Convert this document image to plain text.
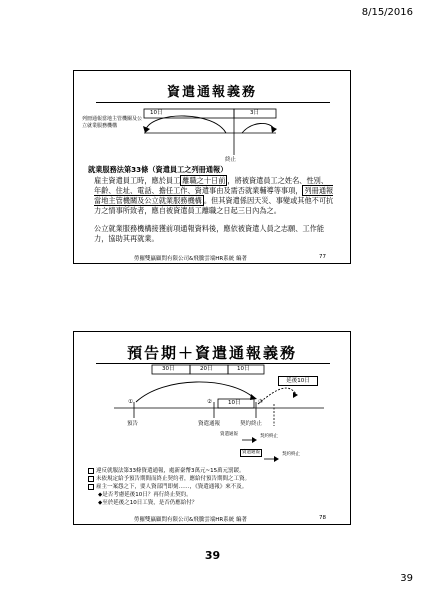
8/15/2016
資遣通報義務
10日	3日
列冊通報當地主管機關及公立就業服務機構
終止
就業服務法第33條（資遣員工之列冊通報）
雇主資遣員工時，應於員工 離職之十日前 ，將被資遣員工之姓名、性別、年齡、住址、電話、擔任工作、資遣事由及需否就業輔導等事項， 列冊通報當地主管機關及公立就業服務機構 。但其資遣係因天災、事變或其他不可抗力之情事所致者，應自被資遣員工離職之日起三日內為之。
公立就業服務機構接獲前項通報資料後，應依被資遣人員之志願、工作能力，協助其再就業。
勞羅雙贏顧問有限公司&飛騰雲端HR系統 編著	77
預告期＋資遣通報義務
30日	20日	10日
10日
延後10日
①	②	③
預告	資遣通報	契約終止
資遣通報	契約終止
資遣通報	契約終止
違反就服法第33條資遣通報，處新臺幣3萬元~15萬元罰鍰。
未依規定給予預告期間而終止契約者，應給付預告期間之工資。
雇主一案怨之下，要人資部門即刻……，《資遣通報》來不及。
◆是否考慮延後10日？再行終止契約。
◆至於延後之10日工資，是否仍應給付？
勞羅雙贏顧問有限公司&飛騰雲端HR系統 編著	78
39
39
